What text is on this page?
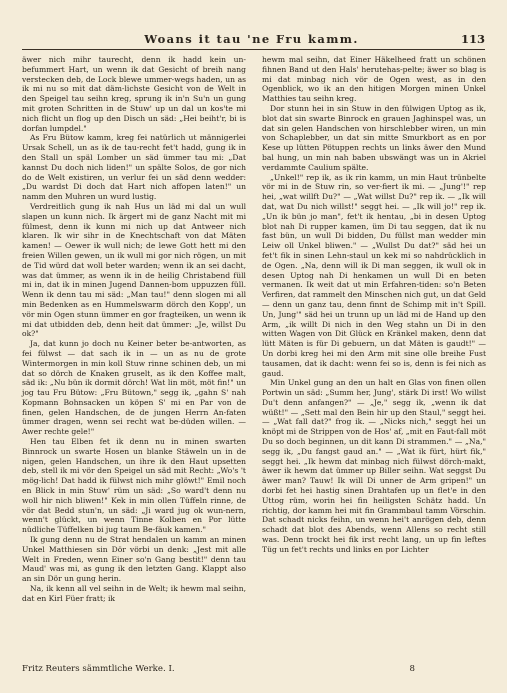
Woans it tau 'ne Fru kamm.	113

äwer nich mihr taurecht, denn ik hadd kein un-befummert Hart, un wenn ik dat Gesicht of breih nang verstecken deb, de Lock blewe ummer-wegs haden, un as ik mi nu so mit dat däm-lichste Gesicht von de Welt in den Speigel tau seihn kreg, sprung ik in'n Su'n un gung mit groten Schritten in de Stuw' up un dal un kos'te mi nich flicht un flog up den Disch un säd: „Hei beiht'r, bi is dorfan lumpdel."

As Fru Bütow kamm, kreg fei natürlich ut männigerlei Ursak Schell, un as ik de tau-recht fet't hadd, gung ik in den Stall un späl Lomber un säd ümmer tau mi: „Dat kannst Du doch nich liden!" un spälte Solos, de gor nich do de Welt existiren, un verlur fei un säd denn wedder: „Du wardst Di doch dat Hart nich affopen laten!" un namm den Muhren un wurd lustig.

Verdreitlich gung ik nah Hus un läd mi dal un wull slapen un kunn nich. Ik ärgert mi de ganz Nacht mit mi fülmest, denn ik kunn mi nich up dat Antweer nich klaren. Ik wir sihr in de Knechtschaft von dat Mäten kamen! — Oewer ik wull nich; de lewe Gott hett mi den freien Willen gewen, un ik wull mi gor nich rögen, un mit de Tid würd dat woll beter warden; wenn ik an sei dacht, was dat ümmer, as wenn ik in de heilig Christabend füll mi in, dat ik in minen Jugend Dannen-bom uppuzzen füll. Wenn ik denn tau mi säd: „Man tau!" denn slogen mi all min Bedenken as en Hummelswarm dörch den Kopp', un vör min Ogen stunn ümmer en gor fragteiken, un wenn ik mi dat utbidden deb, denn heit dat ümmer: „Je, willst Du ok?"

Ja, dat kunn jo doch nu Keiner beter be-antworten, as fei fülwst — dat sach ik in — un as nu de grote Wintermorgen in min koll Stuw rinne schinen deb, un mi dat so dörch de Knaken gruselt, as ik den Koffee malt, säd ik: „Nu bün ik dormit dörch! Wat lin möt, möt fin!" un jog tau Fru Bütow: „Fru Bütown," segg ik, „gahn S' nah Kopmann Bohnsacken un köpen S' mi en Par von de finen, gelen Handschen, de de jungen Herrn An-faten ümmer dragen, wenn sei recht wat be-düden willen. — Awer rechte gele!"

Hen tau Elben fet ik denn nu in minen swarten Binnrock un swarte Hosen un blanke Stäweln un in de nigen, gelen Handschen, un ihre ik den Haut upsetten deb, stell ik mi vör den Speigel un säd mit Recht: „Wo's 't mög-lich! Dat hadd ik fülwst nich mihr glöwt!" Emil noch en Blick in min Stuw' rüm un säd: „So ward't denn nu woll hir nich bliwen!" Kek in min ollen Tüffeln rinne, de vör dat Bedd stun'n, un säd: „Ji ward jug ok wun-nern, wenn't glückt, un wenn Tinne Kolben en Por lütte nüdliche Tüffelken bi jug taum Be-fäuk kamen."

Ik gung denn nu de Strat hendalen un kamm an minen Unkel Matthiesen sin Dör vörbi un denk: „Jest mit alle Welt in Freden, wenn Einer so'n Gang bestit!" denn tau Maud' was mi, as gung ik den letzten Gang. Klappt also an sin Dör un gung herin.

Na, ik kenn all vel seihn in de Welt; ik hewm mal seihn, dat en Kirl Füer fratt; ik

hewm mal seihn, dat Einer Häkelheed fratt un schönen fihnen Band ut den Hals' herutehas-pelte; äwer so blag is mi dat minbag nich vör de Ogen west, as in den Ogenblick, wo ik an den hitigen Morgen minen Unkel Matthies tau seihn kreg.

Dor stunn hei in sin Stuw in den fülwigen Uptog as ik, blot dat sin swarte Binrock en grauen Jaghinspel was, un dat sin gelen Handschen von hirschlebber wiren, un min von Schaplebber, un dat sin mitte Smurkbort as en por Kese up lütten Pötuppen rechts un links äwer den Mund bal hung, un min nah baben ubswängt was un in Akriel verdammte Caulium spälte.

„Unkel!" rep ik, as ik rin kamm, un min Haut trünbelte vör mi in de Stuw rin, so ver-fiert ik mi. — „Jung'!" rep hei, „wat willft Du?" — „Wat willst Du?" rep ik. — „Ik will dat, wat Du nich willst!" seggt hei. — „Ik will jo!" rep ik. „Un ik bün jo man", fet't ik hentau, „bi in desen Uptog blot nah Di rupper kamen, üm Di tau seggen, dat ik nu fast bün, un wull Di bidden, Du füllst man wedder min Leiw oll Unkel bliwen." — „Wullst Du dat?" säd hei un fet't fik in sinen Lehn-staul un kek mi so nahdrücklich in de Ogen. „Na, denn will ik Di man seggen, ik wull ok in desen Uptog nah Di henkamen un wull Di en beten vermanen. Ik weit dat ut min Erfahren-tiden: so'n Beten Verfiren, dat rammelt den Minschen nich gut, un dat Geld — denn un ganz tau, denn finnt de Schimp mit in't Spill. Un, Jung'" säd hei un trunn up un läd mi de Hand up den Arm, „ik willt Di nich in den Weg stahn un Di in den witten Wagen von Dit Glück en Kränkel maken, denn dat lütt Mäten is für Di gebuern, un dat Mäten is gaudt!" — Un dorbi kreg hei mi den Arm mit sine olle breihe Fust tausamen, dat ik dacht: wenn fei so is, denn is fei nich as gaud.

Min Unkel gung an den un halt en Glas von finen ollen Portwin un säd: „Summ her, Jung', stärk Di irst! Wo willst Du't denn anfangen?" — „Je," segg ik, „wenn ik dat wüßt!" — „Sett mal den Bein hir up den Staul," seggt hei. — „Wat fall dat?" frog ik. — „Nicks nich," seggt hei un knöpt mi de Strippen von de Hos' af, „mit en Faut-fall möt Du so doch beginnen, un dit kann Di strammen." — „Na," segg ik, „Du fangst gaud an." — „Wat ik fürt, hürt fik," seggt hei. „Ik hewm dat minbag nich fülwst dörch-makt, äwer ik hewm dat ümmer up Biller seihn. Wat seggst Du äwer man? Tauw! Ik will Di unner de Arm gripen!" un dorbi fet hei hastig sinen Drahtafen up un flet'e in den Uttog rüm, worin hei fin heiligsten Schätz hadd. Un richtig, dor kamm hei mit fin Grammbaul tamm Vörschin. Dat schadt nicks feihn, un wenn hei't anrögen deb, denn schadt dat blot des Abends, wenn Allens so recht still was. Denn trockt hei fik irst recht lang, un up fin leftes Tüg un fet't rechts und links en por Lichter

Fritz Reuters sämmtliche Werke. I.	8
